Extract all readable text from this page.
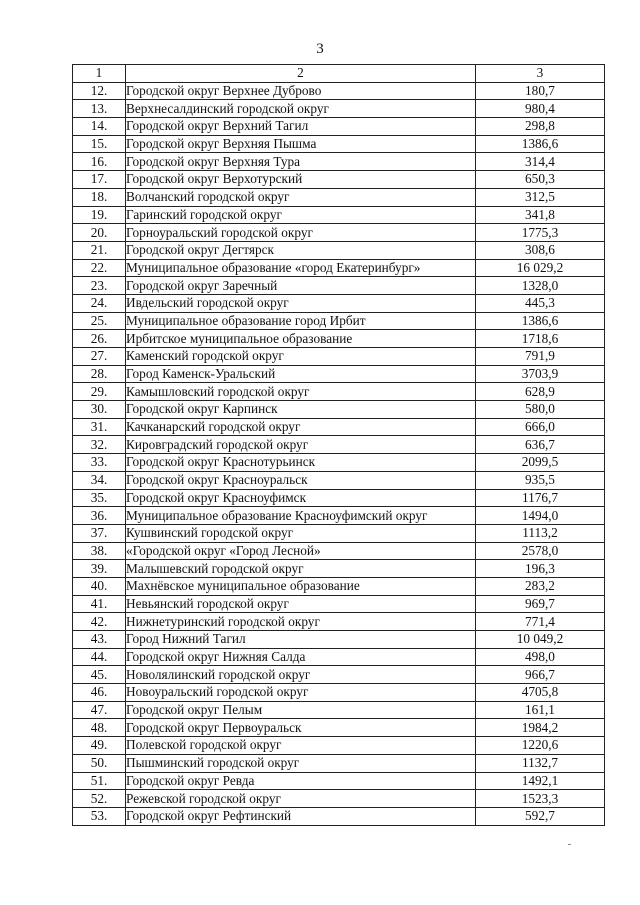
3
1	2	3
12.	Городской округ Верхнее Дуброво	180,7
13.	Верхнесалдинский городской округ	980,4
14.	Городской округ Верхний Тагил	298,8
15.	Городской округ Верхняя Пышма	1386,6
16.	Городской округ Верхняя Тура	314,4
17.	Городской округ Верхотурский	650,3
18.	Волчанский городской округ	312,5
19.	Гаринский городской округ	341,8
20.	Горноуральский городской округ	1775,3
21.	Городской округ Дегтярск	308,6
22.	Муниципальное образование «город Екатеринбург»	16 029,2
23.	Городской округ Заречный	1328,0
24.	Ивдельский городской округ	445,3
25.	Муниципальное образование город Ирбит	1386,6
26.	Ирбитское муниципальное образование	1718,6
27.	Каменский городской округ	791,9
28.	Город Каменск-Уральский	3703,9
29.	Камышловский городской округ	628,9
30.	Городской округ Карпинск	580,0
31.	Качканарский городской округ	666,0
32.	Кировградский городской округ	636,7
33.	Городской округ Краснотурьинск	2099,5
34.	Городской округ Красноуральск	935,5
35.	Городской округ Красноуфимск	1176,7
36.	Муниципальное образование Красноуфимский округ	1494,0
37.	Кушвинский городской округ	1113,2
38.	«Городской округ «Город Лесной»	2578,0
39.	Малышевский городской округ	196,3
40.	Махнёвское муниципальное образование	283,2
41.	Невьянский городской округ	969,7
42.	Нижнетуринский городской округ	771,4
43.	Город Нижний Тагил	10 049,2
44.	Городской округ Нижняя Салда	498,0
45.	Новолялинский городской округ	966,7
46.	Новоуральский городской округ	4705,8
47.	Городской округ Пелым	161,1
48.	Городской округ Первоуральск	1984,2
49.	Полевской городской округ	1220,6
50.	Пышминский городской округ	1132,7
51.	Городской округ Ревда	1492,1
52.	Режевской городской округ	1523,3
53.	Городской округ Рефтинский	592,7
